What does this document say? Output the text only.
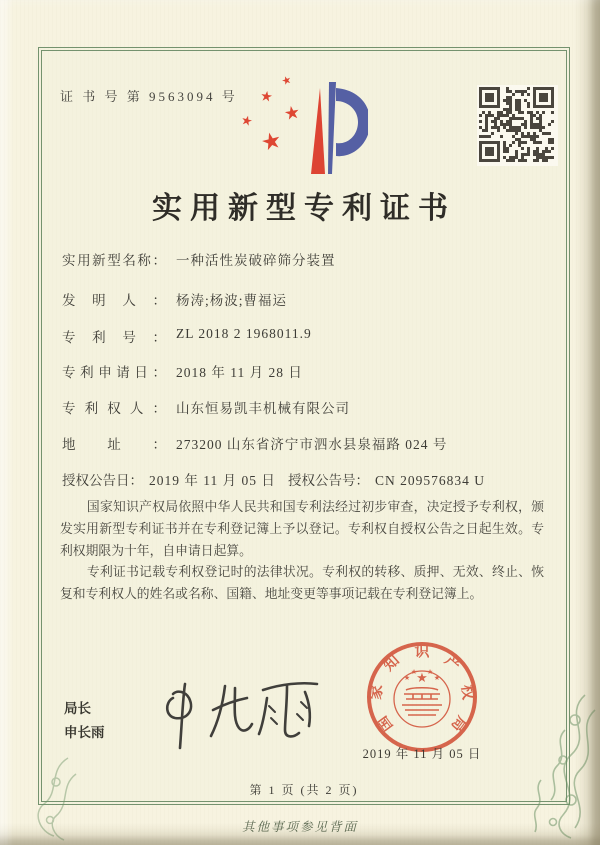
证 书 号 第 9563094 号
★
★
★
★
★
实用新型专利证书
实用新型名称： 一种活性炭破碎筛分装置
发明人： 杨涛;杨波;曹福运
专利号： ZL 2018 2 1968011.9
专利申请日： 2018 年 11 月 28 日
专利权人： 山东恒易凯丰机械有限公司
地址： 273200 山东省济宁市泗水县泉福路 024 号
授权公告日： 2019 年 11 月 05 日 授权公告号： CN 209576834 U

国家知识产权局依照中华人民共和国专利法经过初步审查，决定授予专利权，颁发实用新型专利证书并在专利登记簿上予以登记。专利权自授权公告之日起生效。专利权期限为十年，自申请日起算。

专利证书记载专利权登记时的法律状况。专利权的转移、质押、无效、终止、恢复和专利权人的姓名或名称、国籍、地址变更等事项记载在专利登记簿上。

局长
申长雨	国
家
知
识
产
权
局
★
★
★ ★
★
2019 年 11 月 05 日
第 1 页 (共 2 页)
其他事项参见背面
